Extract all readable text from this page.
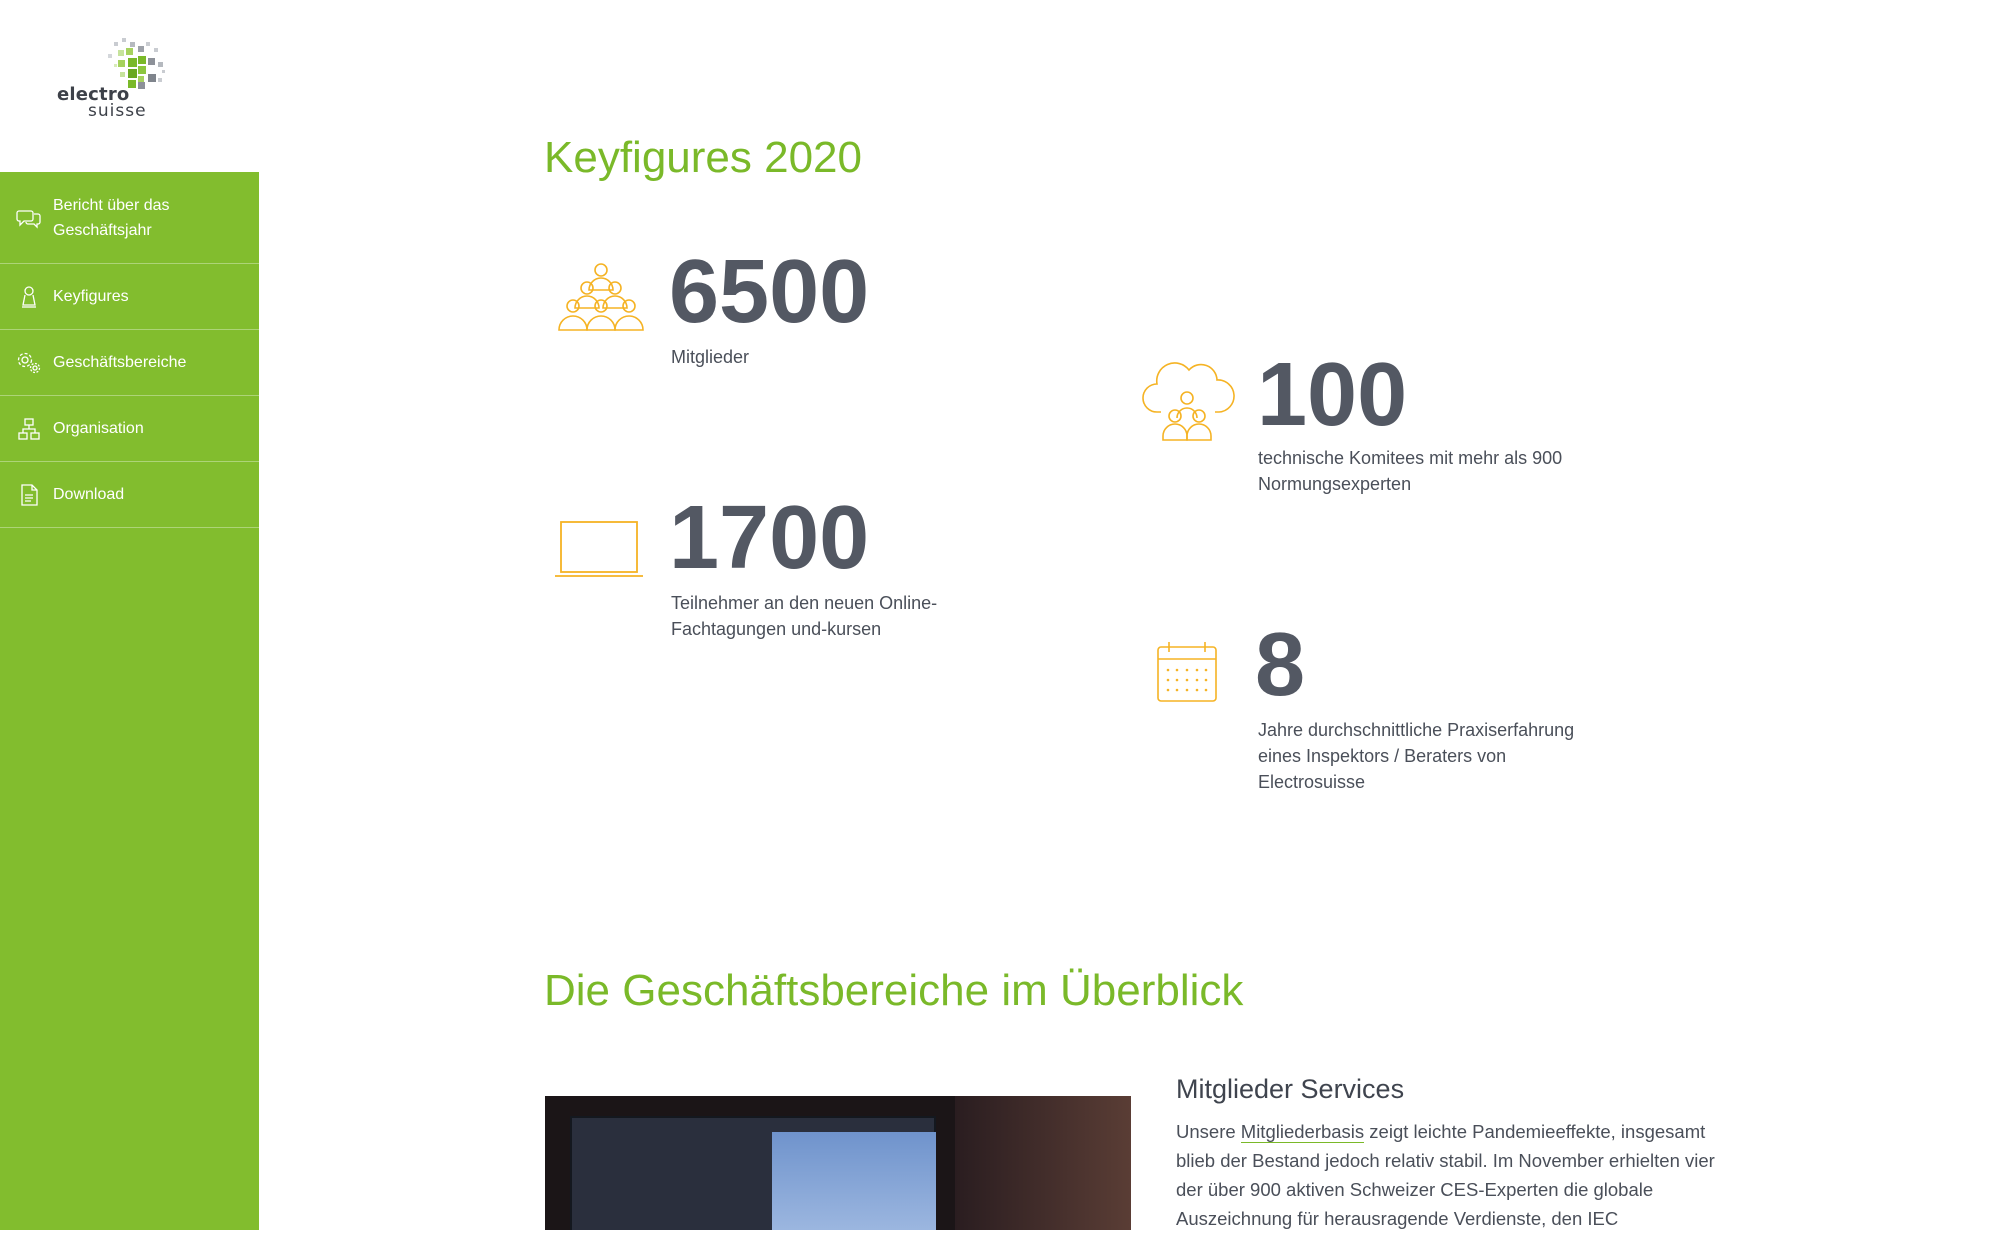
electro
suisse
Bericht über das Geschäftsjahr
Keyfigures
Geschäftsbereiche
Organisation
Download
Keyfigures 2020
6500
Mitglieder	100
technische Komitees mit mehr als 900 Normungsexperten
1700
Teilnehmer an den neuen Online-Fachtagungen und-kursen	8
Jahre durchschnittliche Praxiserfahrung eines Inspektors / Beraters von Electrosuisse
Die Geschäftsbereiche im Überblick
Mitglieder Services

Unsere Mitgliederbasis zeigt leichte Pandemieeffekte, insgesamt blieb der Bestand jedoch relativ stabil. Im November erhielten vier der über 900 aktiven Schweizer CES-Experten die globale Auszeichnung für herausragende Verdienste, den IEC
